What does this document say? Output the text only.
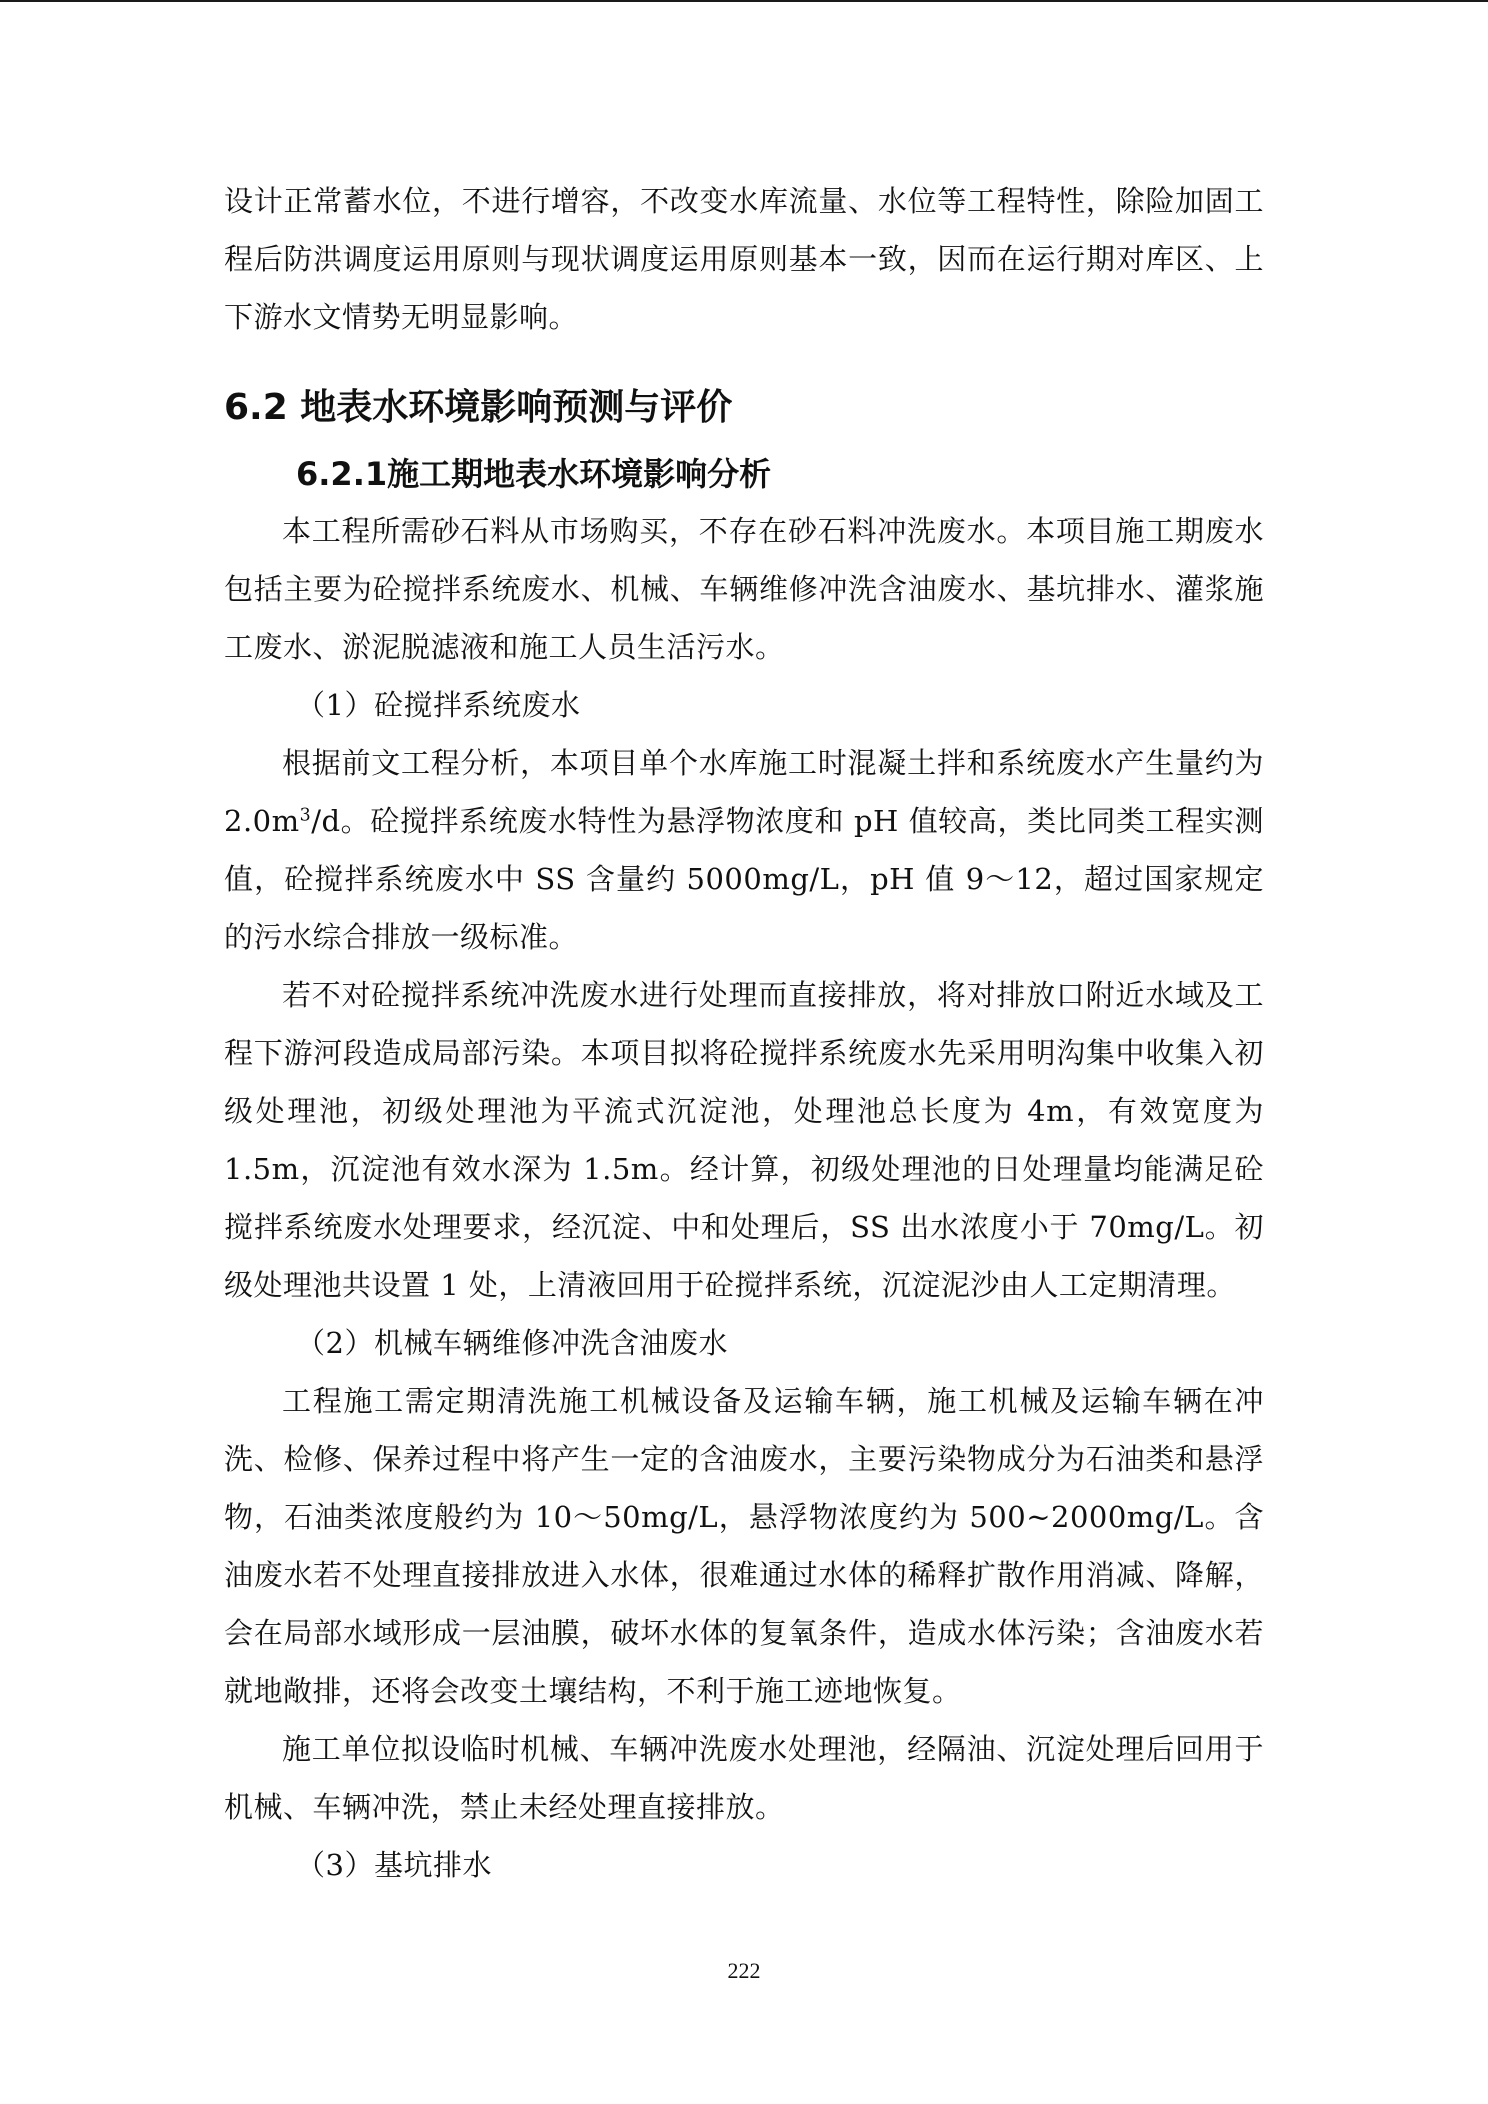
设计正常蓄水位，不进行增容，不改变水库流量、水位等工程特性，除险加固工程后防洪调度运用原则与现状调度运用原则基本一致，因而在运行期对库区、上下游水文情势无明显影响。

6.2 地表水环境影响预测与评价
6.2.1施工期地表水环境影响分析

本工程所需砂石料从市场购买，不存在砂石料冲洗废水。本项目施工期废水包括主要为砼搅拌系统废水、机械、车辆维修冲洗含油废水、基坑排水、灌浆施工废水、淤泥脱滤液和施工人员生活污水。

（1）砼搅拌系统废水

根据前文工程分析，本项目单个水库施工时混凝土拌和系统废水产生量约为 $2.0m^3/d$。砼搅拌系统废水特性为悬浮物浓度和 pH 值较高，类比同类工程实测值，砼搅拌系统废水中 SS 含量约 5000mg/L，pH 值 9～12，超过国家规定的污水综合排放一级标准。

若不对砼搅拌系统冲洗废水进行处理而直接排放，将对排放口附近水域及工程下游河段造成局部污染。本项目拟将砼搅拌系统废水先采用明沟集中收集入初级处理池，初级处理池为平流式沉淀池，处理池总长度为 4m，有效宽度为 1.5m，沉淀池有效水深为 1.5m。经计算，初级处理池的日处理量均能满足砼搅拌系统废水处理要求，经沉淀、中和处理后，SS 出水浓度小于 70mg/L。初级处理池共设置 1 处，上清液回用于砼搅拌系统，沉淀泥沙由人工定期清理。

（2）机械车辆维修冲洗含油废水

工程施工需定期清洗施工机械设备及运输车辆，施工机械及运输车辆在冲洗、检修、保养过程中将产生一定的含油废水，主要污染物成分为石油类和悬浮物，石油类浓度般约为 10～50mg/L，悬浮物浓度约为 500~2000mg/L。含油废水若不处理直接排放进入水体，很难通过水体的稀释扩散作用消减、降解，会在局部水域形成一层油膜，破坏水体的复氧条件，造成水体污染；含油废水若就地敞排，还将会改变土壤结构，不利于施工迹地恢复。

施工单位拟设临时机械、车辆冲洗废水处理池，经隔油、沉淀处理后回用于机械、车辆冲洗，禁止未经处理直接排放。

（3）基坑排水

222
